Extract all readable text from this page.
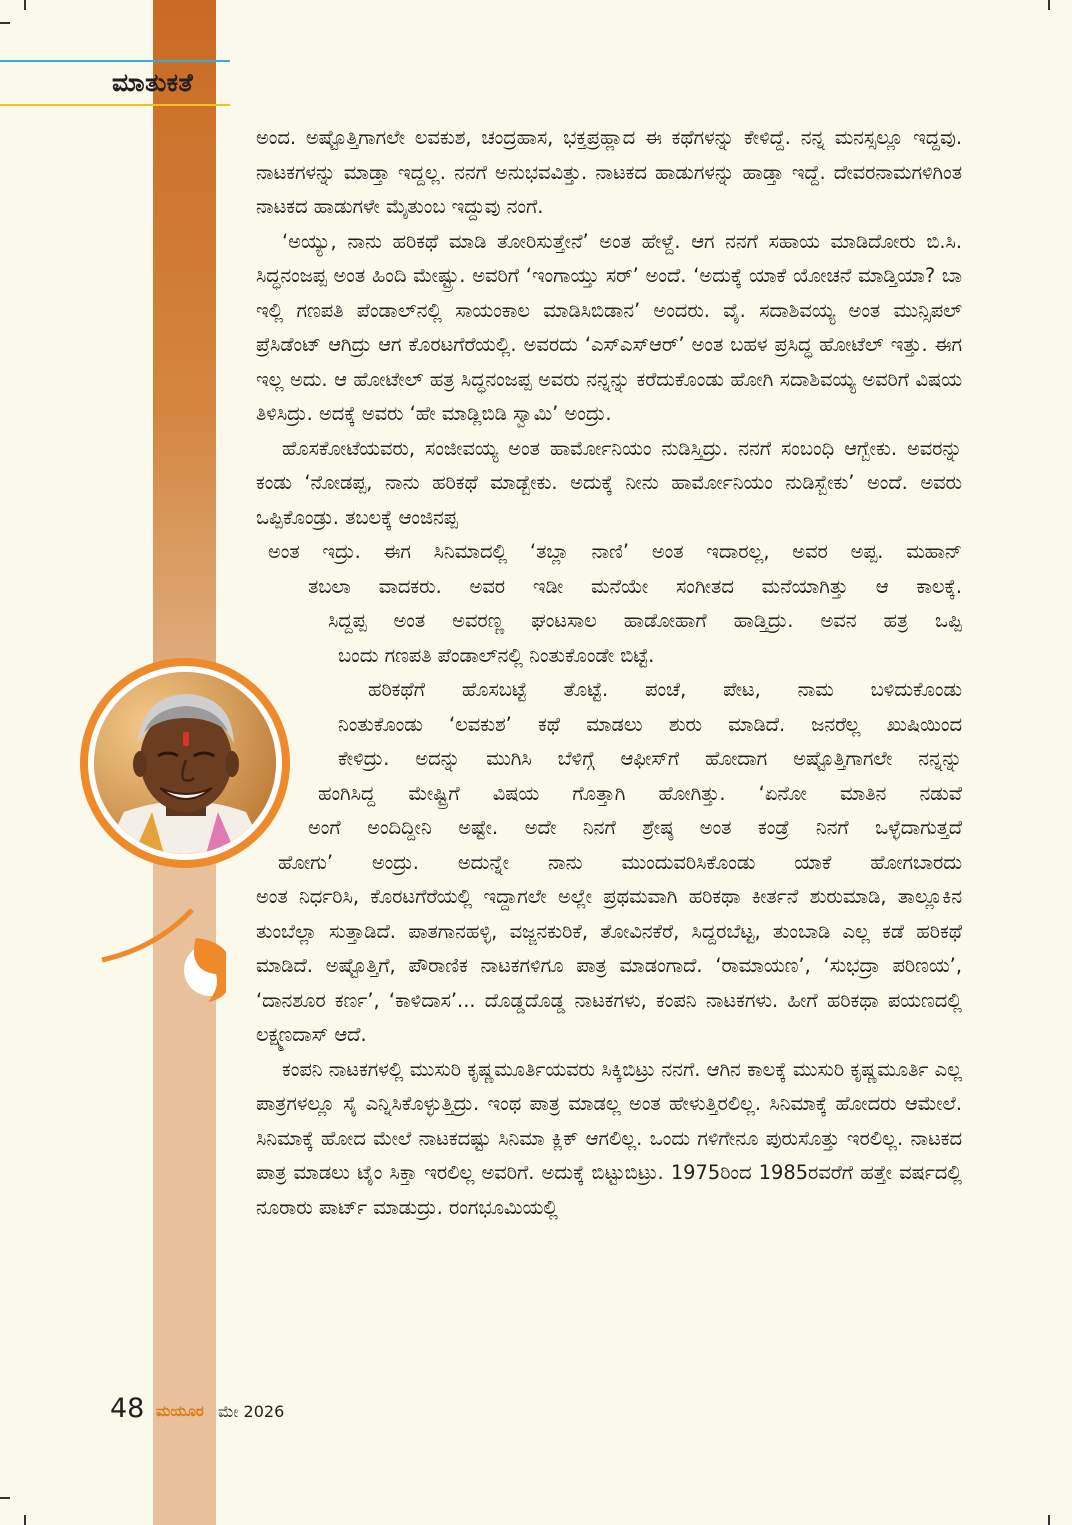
ಮಾತುಕತೆ

ಅಂದ. ಅಷ್ಟೊತ್ತಿಗಾಗಲೇ ಲವಕುಶ, ಚಂದ್ರಹಾಸ, ಭಕ್ತಪ್ರಹ್ಲಾದ ಈ ಕಥೆಗಳನ್ನು ಕೇಳಿದ್ದೆ. ನನ್ನ ಮನಸ್ಸಲ್ಲೂ ಇದ್ದವು. ನಾಟಕಗಳನ್ನು ಮಾಡ್ತಾ ಇದ್ದಲ್ಲ. ನನಗೆ ಅನುಭವವಿತ್ತು. ನಾಟಕದ ಹಾಡುಗಳನ್ನು ಹಾಡ್ತಾ ಇದ್ದೆ. ದೇವರನಾಮಗಳಿಗಿಂತ ನಾಟಕದ ಹಾಡುಗಳೇ ಮೈತುಂಬ ಇದ್ದುವು ನಂಗೆ.

‘ಅಯ್ಯು, ನಾನು ಹರಿಕಥೆ ಮಾಡಿ ತೋರಿಸುತ್ತೇನೆ’ ಅಂತ ಹೇಳ್ದೆ. ಆಗ ನನಗೆ ಸಹಾಯ ಮಾಡಿದೋರು ಬಿ.ಸಿ. ಸಿದ್ಧನಂಜಪ್ಪ ಅಂತ ಹಿಂದಿ ಮೇಷ್ಟ್ರು. ಅವರಿಗೆ ‘ಇಂಗಾಯ್ತು ಸರ್’ ಅಂದೆ. ‘ಅದುಕ್ಕೆ ಯಾಕೆ ಯೋಚನೆ ಮಾಡ್ತಿಯಾ? ಬಾ ಇಲ್ಲಿ ಗಣಪತಿ ಪೆಂಡಾಲ್‌ನಲ್ಲಿ ಸಾಯಂಕಾಲ ಮಾಡಿಸಿಬಿಡಾನ’ ಅಂದರು. ವೈ. ಸದಾಶಿವಯ್ಯ ಅಂತ ಮುನ್ಸಿಪಲ್ ಪ್ರೆಸಿಡೆಂಟ್ ಆಗಿದ್ರು ಆಗ ಕೊರಟಗೆರೆಯಲ್ಲಿ. ಅವರದು ‘ಎಸ್‌ಎಸ್‌ಆರ್’ ಅಂತ ಬಹಳ ಪ್ರಸಿದ್ಧ ಹೋಟೆಲ್ ಇತ್ತು. ಈಗ ಇಲ್ಲ ಅದು. ಆ ಹೋಟೇಲ್ ಹತ್ರ ಸಿದ್ಧನಂಜಪ್ಪ ಅವರು ನನ್ನನ್ನು ಕರೆದುಕೊಂಡು ಹೋಗಿ ಸದಾಶಿವಯ್ಯ ಅವರಿಗೆ ವಿಷಯ ತಿಳಿಸಿದ್ರು. ಅದಕ್ಕೆ ಅವರು ‘ಹೇ ಮಾಡ್ಲಿಬಿಡಿ ಸ್ವಾಮಿ’ ಅಂದ್ರು.

ಹೊಸಕೋಟೆಯವರು, ಸಂಜೀವಯ್ಯ ಅಂತ ಹಾರ್ಮೋನಿಯಂ ನುಡಿಸ್ತಿದ್ರು. ನನಗೆ ಸಂಬಂಧಿ ಆಗ್ಬೇಕು. ಅವರನ್ನು ಕಂಡು ‘ನೋಡಪ್ಪ, ನಾನು ಹರಿಕಥೆ ಮಾಡ್ಬೇಕು. ಅದುಕ್ಕೆ ನೀನು ಹಾರ್ಮೋನಿಯಂ ನುಡಿಸ್ಬೇಕು’ ಅಂದೆ. ಅವರು ಒಪ್ಪಿಕೊಂಡ್ರು. ತಬಲಕ್ಕೆ ಆಂಜಿನಪ್ಪ

ಅಂತ ಇದ್ರು. ಈಗ ಸಿನಿಮಾದಲ್ಲಿ ‘ತಬ್ಲಾ ನಾಣಿ’ ಅಂತ ಇದಾರಲ್ಲ, ಅವರ ಅಪ್ಪ. ಮಹಾನ್
ತಬಲಾ ವಾದಕರು. ಅವರ ಇಡೀ ಮನೆಯೇ ಸಂಗೀತದ ಮನೆಯಾಗಿತ್ತು ಆ ಕಾಲಕ್ಕೆ.
ಸಿದ್ದಪ್ಪ ಅಂತ ಅವರಣ್ಣ ಘಂಟಸಾಲ ಹಾಡೋಹಾಗೆ ಹಾಡ್ತಿದ್ರು. ಅವನ ಹತ್ರ ಒಪ್ಪಿ
ಬಂದು ಗಣಪತಿ ಪೆಂಡಾಲ್‌ನಲ್ಲಿ ನಿಂತುಕೊಂಡೇ ಬಿಟ್ಟೆ.
ಹರಿಕಥೆಗೆ ಹೊಸಬಟ್ಟೆ ತೊಟ್ಟೆ. ಪಂಚೆ, ಪೇಟ, ನಾಮ ಬಳಿದುಕೊಂಡು
ನಿಂತುಕೊಂಡು ‘ಲವಕುಶ’ ಕಥೆ ಮಾಡಲು ಶುರು ಮಾಡಿದೆ. ಜನರೆಲ್ಲ ಖುಷಿಯಿಂದ
ಕೇಳಿದ್ರು. ಅದನ್ನು ಮುಗಿಸಿ ಬೆಳಿಗ್ಗೆ ಆಫೀಸ್‌ಗೆ ಹೋದಾಗ ಅಷ್ಟೊತ್ತಿಗಾಗಲೇ ನನ್ನನ್ನು
ಹಂಗಿಸಿದ್ದ ಮೇಷ್ಟ್ರಿಗೆ ವಿಷಯ ಗೊತ್ತಾಗಿ ಹೋಗಿತ್ತು. ‘ಏನೋ ಮಾತಿನ ನಡುವೆ
ಅಂಗೆ ಅಂದಿದ್ದೀನಿ ಅಷ್ಟೇ. ಅದೇ ನಿನಗೆ ಶ್ರೇಷ್ಠ ಅಂತ ಕಂಡ್ರೆ ನಿನಗೆ ಒಳ್ಳೆದಾಗುತ್ತದೆ
ಹೋಗು’ ಅಂದ್ರು. ಅದುನ್ನೇ ನಾನು ಮುಂದುವರಿಸಿಕೊಂಡು ಯಾಕೆ ಹೋಗಬಾರದು

ಅಂತ ನಿರ್ಧರಿಸಿ, ಕೊರಟಗೆರೆಯಲ್ಲಿ ಇದ್ದಾಗಲೇ ಅಲ್ಲೇ ಪ್ರಥಮವಾಗಿ ಹರಿಕಥಾ ಕೀರ್ತನೆ ಶುರುಮಾಡಿ, ತಾಲ್ಲೂಕಿನ ತುಂಬೆಲ್ಲಾ ಸುತ್ತಾಡಿದೆ. ಪಾತಗಾನಹಳ್ಳಿ, ವಜ್ಜನಕುರಿಕೆ, ತೋವಿನಕೆರೆ, ಸಿದ್ದರಬೆಟ್ಟ, ತುಂಬಾಡಿ ಎಲ್ಲ ಕಡೆ ಹರಿಕಥೆ ಮಾಡಿದೆ. ಅಷ್ಟೊತ್ತಿಗೆ, ಪೌರಾಣಿಕ ನಾಟಕಗಳಿಗೂ ಪಾತ್ರ ಮಾಡಂಗಾದೆ. ‘ರಾಮಾಯಣ’, ‘ಸುಭದ್ರಾ ಪರಿಣಯ’, ‘ದಾನಶೂರ ಕರ್ಣ’, ‘ಕಾಳಿದಾಸ’... ದೊಡ್ಡದೊಡ್ಡ ನಾಟಕಗಳು, ಕಂಪನಿ ನಾಟಕಗಳು. ಹೀಗೆ ಹರಿಕಥಾ ಪಯಣದಲ್ಲಿ ಲಕ್ಷ್ಮಣದಾಸ್ ಆದೆ.

ಕಂಪನಿ ನಾಟಕಗಳಲ್ಲಿ ಮುಸುರಿ ಕೃಷ್ಣಮೂರ್ತಿಯವರು ಸಿಕ್ಕಿಬಿಟ್ರು ನನಗೆ. ಆಗಿನ ಕಾಲಕ್ಕೆ ಮುಸುರಿ ಕೃಷ್ಣಮೂರ್ತಿ ಎಲ್ಲ ಪಾತ್ರಗಳಲ್ಲೂ ಸೈ ಎನ್ನಿಸಿಕೊಳ್ಳುತ್ತಿದ್ರು. ಇಂಥ ಪಾತ್ರ ಮಾಡಲ್ಲ ಅಂತ ಹೇಳುತ್ತಿರಲಿಲ್ಲ. ಸಿನಿಮಾಕ್ಕೆ ಹೋದರು ಆಮೇಲೆ. ಸಿನಿಮಾಕ್ಕೆ ಹೋದ ಮೇಲೆ ನಾಟಕದಷ್ಟು ಸಿನಿಮಾ ಕ್ಲಿಕ್ ಆಗಲಿಲ್ಲ. ಒಂದು ಗಳಿಗೇನೂ ಪುರುಸೊತ್ತು ಇರಲಿಲ್ಲ. ನಾಟಕದ ಪಾತ್ರ ಮಾಡಲು ಟೈಂ ಸಿಕ್ತಾ ಇರಲಿಲ್ಲ ಅವರಿಗೆ. ಅದುಕ್ಕೆ ಬಿಟ್ಟುಬಿಟ್ರು. 1975ರಿಂದ 1985ರವರೆಗೆ ಹತ್ತೇ ವರ್ಷದಲ್ಲಿ ನೂರಾರು ಪಾರ್ಟ್ ಮಾಡುದ್ರು. ರಂಗಭೂಮಿಯಲ್ಲಿ

48 ಮಯೂರ ಮೇ 2026
